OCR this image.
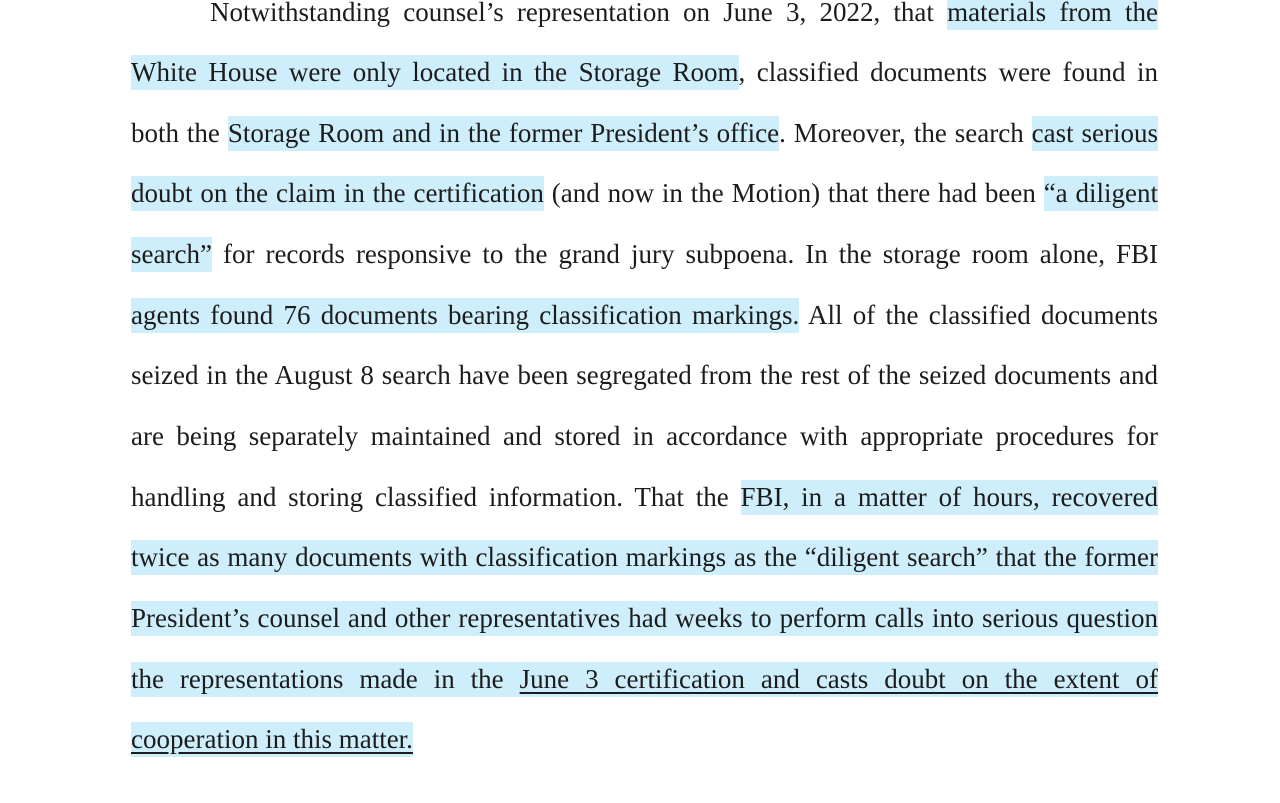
Notwithstanding counsel’s representation on June 3, 2022, that materials from the
White House were only located in the Storage Room, classified documents were found in
both the Storage Room and in the former President’s office. Moreover, the search cast serious
doubt on the claim in the certification (and now in the Motion) that there had been “a diligent
search” for records responsive to the grand jury subpoena. In the storage room alone, FBI
agents found 76 documents bearing classification markings. All of the classified documents
seized in the August 8 search have been segregated from the rest of the seized documents and
are being separately maintained and stored in accordance with appropriate procedures for
handling and storing classified information. That the FBI, in a matter of hours, recovered
twice as many documents with classification markings as the “diligent search” that the former
President’s counsel and other representatives had weeks to perform calls into serious question
the representations made in the June 3 certification and casts doubt on the extent of
cooperation in this matter.
